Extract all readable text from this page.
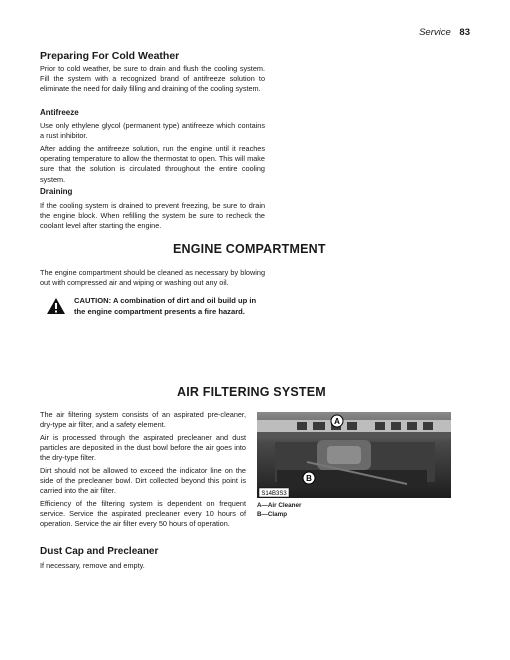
Service 83
Preparing For Cold Weather
Prior to cold weather, be sure to drain and flush the cooling system. Fill the system with a recognized brand of antifreeze solution to eliminate the need for daily filling and draining of the cooling system.
Antifreeze
Use only ethylene glycol (permanent type) antifreeze which contains a rust inhibitor.
After adding the antifreeze solution, run the engine until it reaches operating temperature to allow the thermostat to open. This will make sure that the solution is circulated throughout the entire cooling system.
Draining
If the cooling system is drained to prevent freezing, be sure to drain the engine block. When refilling the system be sure to recheck the coolant level after starting the engine.
ENGINE COMPARTMENT
The engine compartment should be cleaned as necessary by blowing out with compressed air and wiping or washing out any oil.
CAUTION: A combination of dirt and oil build up in the engine compartment presents a fire hazard.
AIR FILTERING SYSTEM
The air filtering system consists of an aspirated pre-cleaner, dry-type air filter, and a safety element.
Air is processed through the aspirated precleaner and dust particles are deposited in the dust bowl before the air goes into the dry-type filter.
Dirt should not be allowed to exceed the indicator line on the side of the precleaner bowl. Dirt collected beyond this point is carried into the air filter.
Efficiency of the filtering system is dependent on frequent service. Service the aspirated precleaner every 10 hours of operation. Service the air filter every 50 hours of operation.
Dust Cap and Precleaner
If necessary, remove and empty.
A
B
S14B3S3
A—Air Cleaner
B—Clamp
